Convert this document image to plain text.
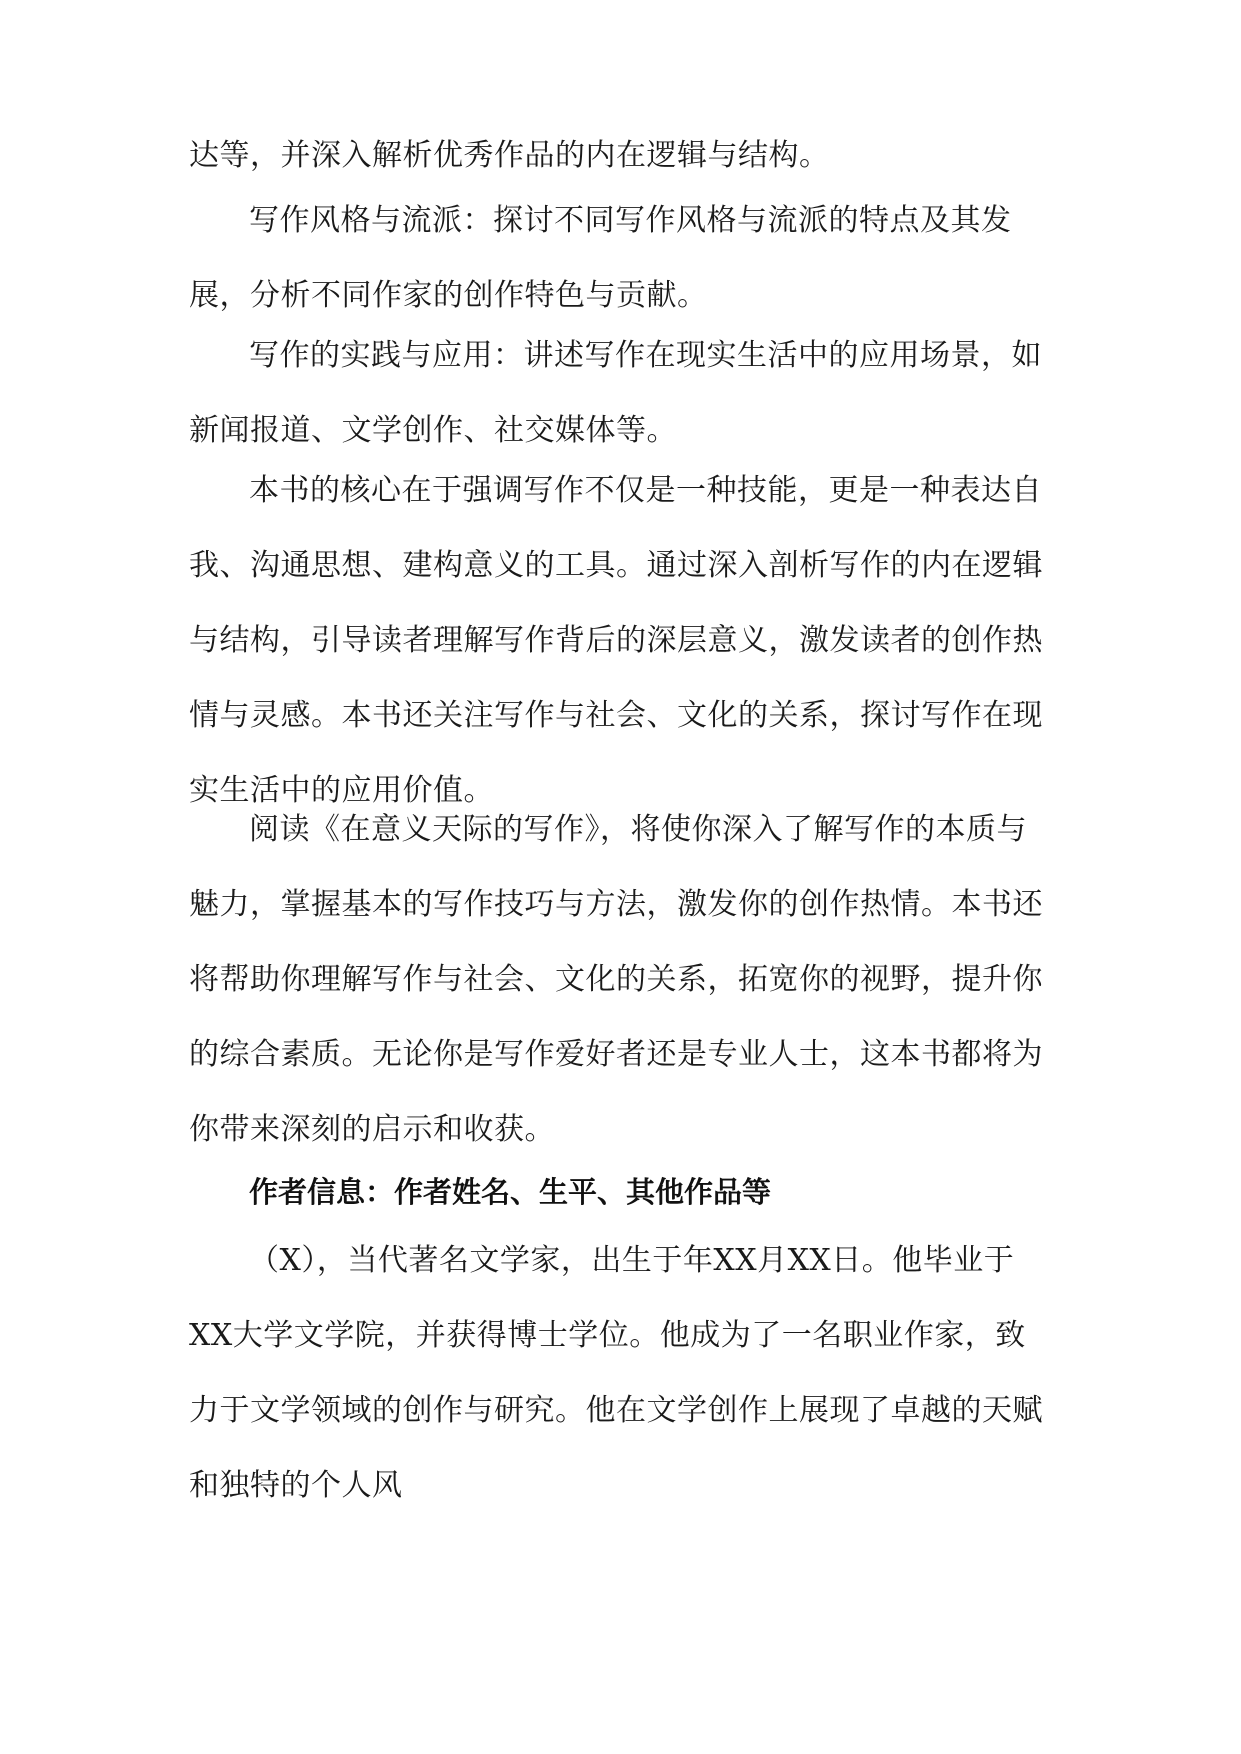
达等，并深入解析优秀作品的内在逻辑与结构。

写作风格与流派：探讨不同写作风格与流派的特点及其发展，分析不同作家的创作特色与贡献。

写作的实践与应用：讲述写作在现实生活中的应用场景，如新闻报道、文学创作、社交媒体等。

本书的核心在于强调写作不仅是一种技能，更是一种表达自我、沟通思想、建构意义的工具。通过深入剖析写作的内在逻辑与结构，引导读者理解写作背后的深层意义，激发读者的创作热情与灵感。本书还关注写作与社会、文化的关系，探讨写作在现实生活中的应用价值。

阅读《在意义天际的写作》，将使你深入了解写作的本质与魅力，掌握基本的写作技巧与方法，激发你的创作热情。本书还将帮助你理解写作与社会、文化的关系，拓宽你的视野，提升你的综合素质。无论你是写作爱好者还是专业人士，这本书都将为你带来深刻的启示和收获。

作者信息：作者姓名、生平、其他作品等

（X），当代著名文学家，出生于年XX月XX日。他毕业于XX大学文学院，并获得博士学位。他成为了一名职业作家，致力于文学领域的创作与研究。他在文学创作上展现了卓越的天赋和独特的个人风
